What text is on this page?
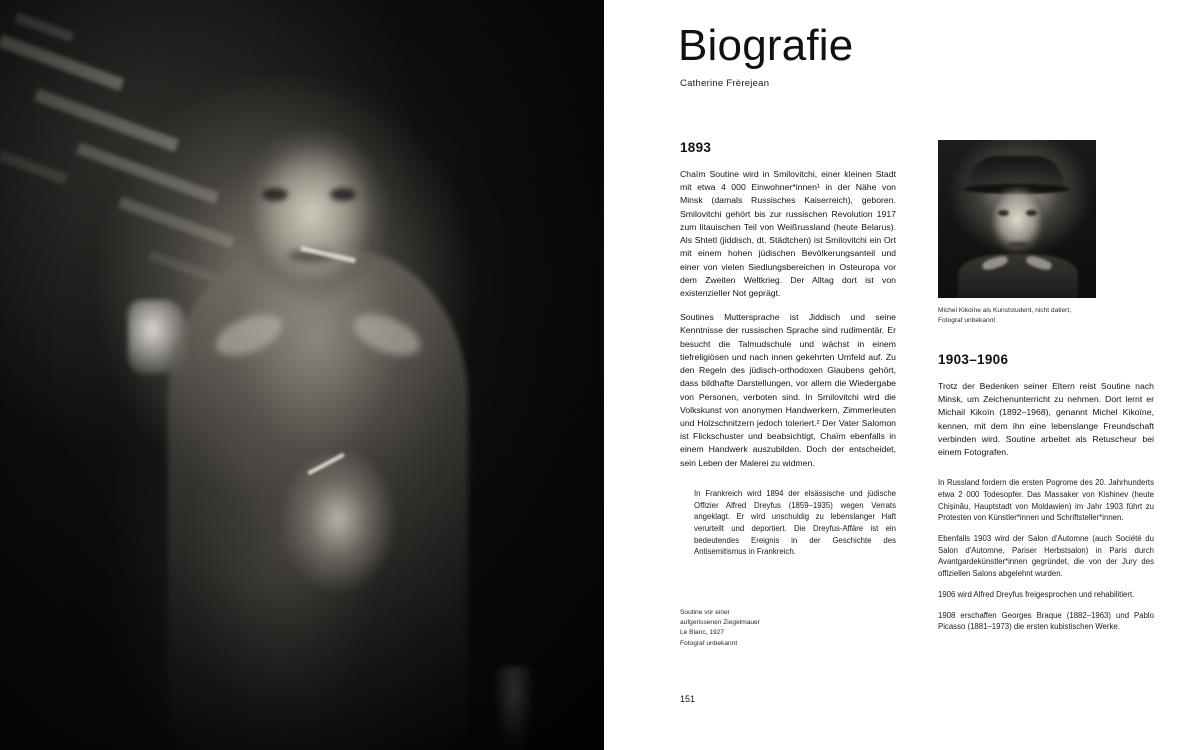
Biografie
Catherine Frèrejean
1893

Chaïm Soutine wird in Smilovitchi, einer kleinen Stadt mit etwa 4 000 Einwohner*innen¹ in der Nähe von Minsk (damals Russisches Kaiserreich), geboren. Smilovitchi gehört bis zur russischen Revolution 1917 zum litauischen Teil von Weißrussland (heute Belarus). Als Shtetl (jiddisch, dt. Städtchen) ist Smilovitchi ein Ort mit einem hohen jüdischen Bevölkerungsanteil und einer von vielen Siedlungsbereichen in Osteuropa vor dem Zweiten Weltkrieg. Der Alltag dort ist von existenzieller Not geprägt.

Soutines Muttersprache ist Jiddisch und seine Kenntnisse der russischen Sprache sind rudimentär. Er besucht die Talmudschule und wächst in einem tiefreligiösen und nach innen gekehrten Umfeld auf. Zu den Regeln des jüdisch-orthodoxen Glaubens gehört, dass bildhafte Darstellungen, vor allem die Wiedergabe von Personen, verboten sind. In Smilovitchi wird die Volkskunst von anonymen Handwerkern, Zimmerleuten und Holzschnitzern jedoch toleriert.² Der Vater Salomon ist Flickschuster und beabsichtigt, Chaïm ebenfalls in einem Handwerk auszubilden. Doch der entscheidet, sein Leben der Malerei zu widmen.

In Frankreich wird 1894 der elsässische und jüdische Offizier Alfred Dreyfus (1859–1935) wegen Verrats angeklagt. Er wird unschuldig zu lebenslanger Haft verurteilt und deportiert. Die Dreyfus-Affäre ist ein bedeutendes Ereignis in der Geschichte des Antisemitismus in Frankreich.

Michel Kikoïne als Kunststudent, nicht datiert,
Fotograf unbekannt
1903–1906

Trotz der Bedenken seiner Eltern reist Soutine nach Minsk, um Zeichenunterricht zu nehmen. Dort lernt er Michail Kikoïn (1892–1968), genannt Michel Kikoïne, kennen, mit dem ihn eine lebenslange Freundschaft verbinden wird. Soutine arbeitet als Retuscheur bei einem Fotografen.

In Russland fordern die ersten Pogrome des 20. Jahrhunderts etwa 2 000 Todesopfer. Das Massaker von Kishinev (heute Chișinău, Hauptstadt von Moldawien) im Jahr 1903 führt zu Protesten von Künstler*innen und Schriftsteller*innen.

Ebenfalls 1903 wird der Salon d'Automne (auch Société du Salon d'Automne, Pariser Herbstsalon) in Paris durch Avantgardekünstler*innen gegründet, die von der Jury des offiziellen Salons abgelehnt wurden.

1906 wird Alfred Dreyfus freigesprochen und rehabilitiert.

1908 erschaffen Georges Braque (1882–1963) und Pablo Picasso (1881–1973) die ersten kubistischen Werke.

Soutine vor einer
aufgerissenen Ziegelmauer
Le Blanc, 1927
Fotograf unbekannt
151
